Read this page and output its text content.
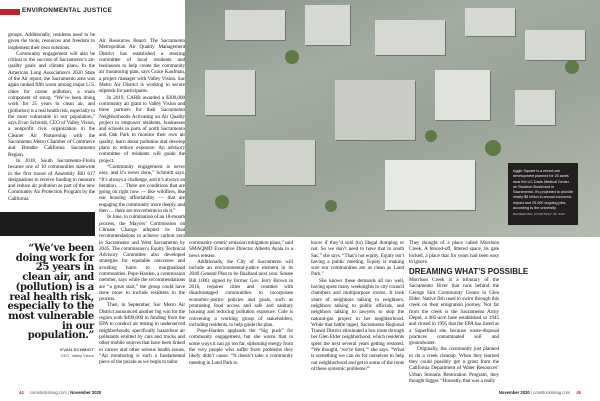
ENVIRONMENTAL JUSTICE
Aggie Square is a mixed-use development planned for 25 acres near the UC Davis Medical Center on Stockton Boulevard in Sacramento. It's projected to provide nearly $5 billion in annual economic impact and 25,000 ongoing jobs, according to the university.
RENDERING COURTESY OF ZGF

groups. Additionally, residents need to be given the tools, resources and freedom to implement their own solutions.

Community engagement will also be critical to the success of Sacramento’s air-quality goals and climate plans. In the American Lung Association’s 2020 State of the Air report, the Sacramento area was again ranked fifth worst among major U.S. cities for ozone pollution, a main component of smog. “We’ve been doing work for 25 years in clean air, and (pollution) is a real health risk, especially to the most vulnerable in our population,” says Evan Schmidt, CEO of Valley Vision, a nonprofit civic organization in the Cleaner Air Partnership with the Sacramento Metro Chamber of Commerce and Breathe California Sacramento Region.

In 2018, South Sacramento-Florin became one of 10 communities statewide in the first round of Assembly Bill 617 designations to receive funding to measure and reduce air pollution as part of the new Community Air Protection Program by the California

“We’ve been doing work for 25 years in clean air, and (pollution) is a real health risk, especially to the most vulnerable in our population.”
EVAN SCHMIDT
CEO, Valley Vision

Air Resources Board. The Sacramento Metropolitan Air Quality Management District has established a steering committee of local residents and businesses to help create the community air monitoring plan, says Grace Kaufman, a project manager with Valley Vision. Sac Metro Air District is working to secure stipends for participants.

In 2019, CARB awarded a $300,000 community air grant to Valley Vision and three partners for their Sacramento Neighborhoods Activating on Air Quality project to empower residents, businesses and schools in parts of north Sacramento and Oak Park to monitor their own air quality, learn about pollution and develop plans to reduce exposure. An advisory committee of residents will guide the project.

“Community engagement is never easy, and it’s never done,” Schmidt says. “It’s always a challenge, and it’s always an iteration. … There are conditions that are going on right now — like wildfires, like our housing affordability — that are engaging the community more deeply, and then … there are movements to do it.”

In June, in culmination of an 18-month process, the Mayors’ Commission on Climate Change adopted its final recommendations to achieve carbon zero in Sacramento and West Sacramento by 2045. The commission’s Equity Technical Advisory Committee also developed strategies for equitable outcomes and avoiding harm to marginalized communities. Pope-Harden, a commission member, says while the recommendations are “a great start,” the group could have done more to include residents in the process.

Then, in September, Sac Metro Air District announced another big win for the region with $499,000 in funding from the EPA to conduct air testing in underserved neighborhoods, specifically hazardous air pollutants emitted by cars and trucks and other mobile sources that have been linked to cancer and other serious health issues. “Air monitoring is such a fundamental piece of the puzzle as we begin to tailor

community-centric emission mitigation plans,” said SMAQMD Executive Director Alberto Ayala in a news release.

Additionally, the City of Sacramento will include an environmental-justice element in its 2040 General Plan to be finalized next year. Senate Bill 1000, signed by former Gov. Jerry Brown in 2016, requires cities and counties with disadvantaged communities to incorporate economic-justice policies and goals, such as promoting food access and safe and sanitary housing and reducing pollution exposure. Cole is convening a working group of stakeholders, including residents, to help guide the plan.

Pope-Harden applauds the “big push” for community engagement, but she warns that in some ways it can go too far, siphoning energy from the very people who suffer from problems they likely didn’t cause. “It doesn’t take a community meeting in Land Park to

know if they’d sold (to) illegal dumping or not. So we don’t need to have that in south Sac,” she says. “That’s not equity. Equity isn’t having a public meeting. Equity is making sure our communities are as clean as Land Park.”

She knows these demands all too well, having spent many weeknights in city council chambers and multipurpose rooms. It took years of neighbors talking to neighbors, neighbors talking to public officials, and neighbors talking to lawyers to stop the natural-gas project in her neighborhood. While that battle raged, Sacramento Regional Transit District eliminated a bus route through her Glen Elder neighborhood, which residents spent the next several years getting restored. “We thought, ‘we’re tired,’” she says. “What is something we can do for ourselves to help our neighborhood and get to some of the roots of these systemic problems?”

They thought of a place called Morrison Creek. A fenced-off, littered space, its gate locked, a place that for years had been easy to ignore.

DREAMING WHAT’S POSSIBLE

Morrison Creek is a tributary of the Sacramento River that runs behind the George Sim Community Center in Glen Elder. Native fish used to swim through this creek on their emigration journey. Not far from the creek is the Sacramento Army Depot, a 485-acre base established in 1945 and closed in 1995 that the EPA has listed as a Superfund site because waste-disposal practices contaminated soil and groundwater.

Originally, the community just planned to do a creek cleanup. When they learned they could possibly get a grant from the California Department of Water Resources’ Urban Streams Restoration Program, they thought bigger. “Honestly, that was a really

44 comstocksmag.com | November 2020	November 2020 | comstocksmag.com 45
